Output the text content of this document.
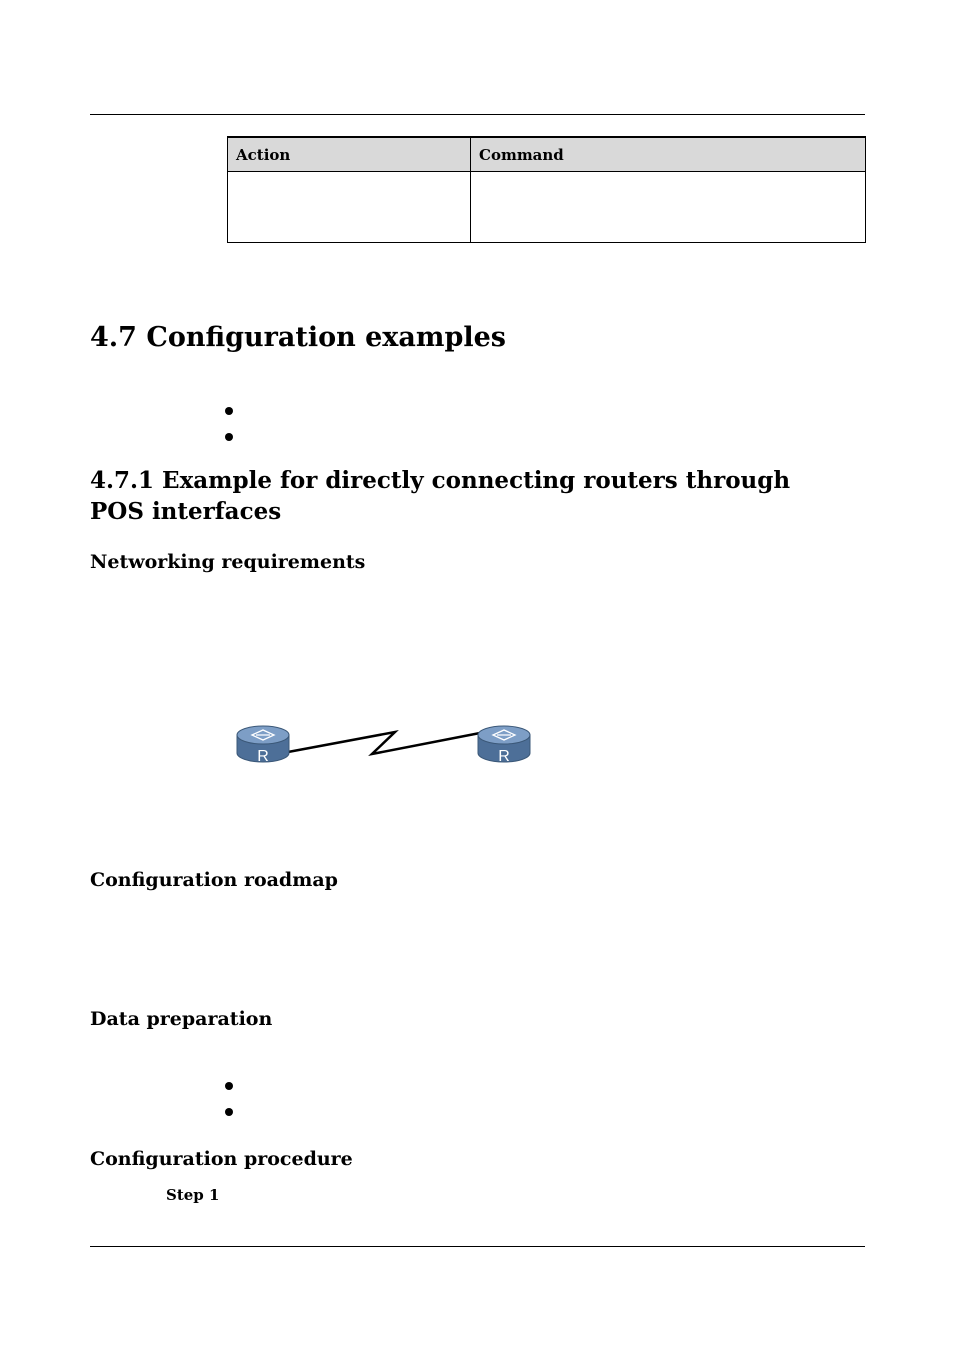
Action	Command

4.7 Configuration examples
4.7.1 Example for directly connecting routers through POS interfaces
Networking requirements
R	R
Configuration roadmap
Data preparation
Configuration procedure
Step 1
